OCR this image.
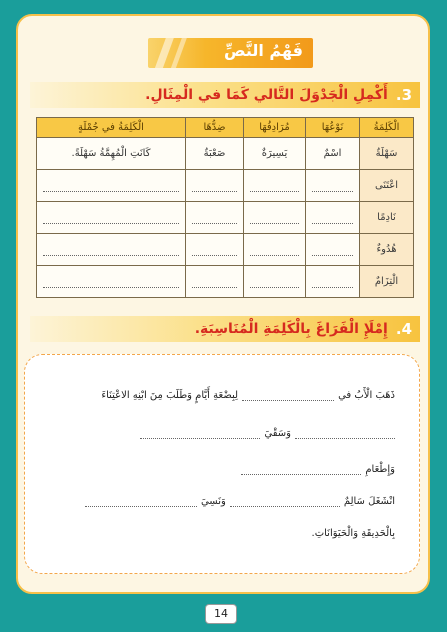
فَهْمُ النَّصِّ
3.
أَكْمِلِ الْجَدْوَلَ التَّالي كَمَا في الْمِثَالِ.
الْكَلِمَةُ	نَوْعُهَا	مُرَادِفُهَا	ضِدُّهَا	الْكَلِمَةُ في جُمْلَةٍ
سَهْلَةٌ	اسْمٌ	يَسِيرَةٌ	صَعْبَةٌ	كَانَتِ الْمُهِمَّةُ سَهْلَةً.
اعْتَنَى	

نَادِمًا	

هُدُوءٌ	

الْتِزَامٌ	

4.
إِمْلَإِ الْفَرَاغَ بِالْكَلِمَةِ الْمُنَاسِبَةِ.
ذَهَبَ الْأَبُ في
لِبِضْعَةِ أَيَّامٍ وَطَلَبَ مِنَ ابْنِهِ الاعْتِنَاءَ
وَسَقْيَ
وَإِطْعَامِ
انْشَغَلَ سَالِمٌ
وَنَسِيَ
بِالْحَدِيقَةِ وَالْحَيَوَانَاتِ.
14
